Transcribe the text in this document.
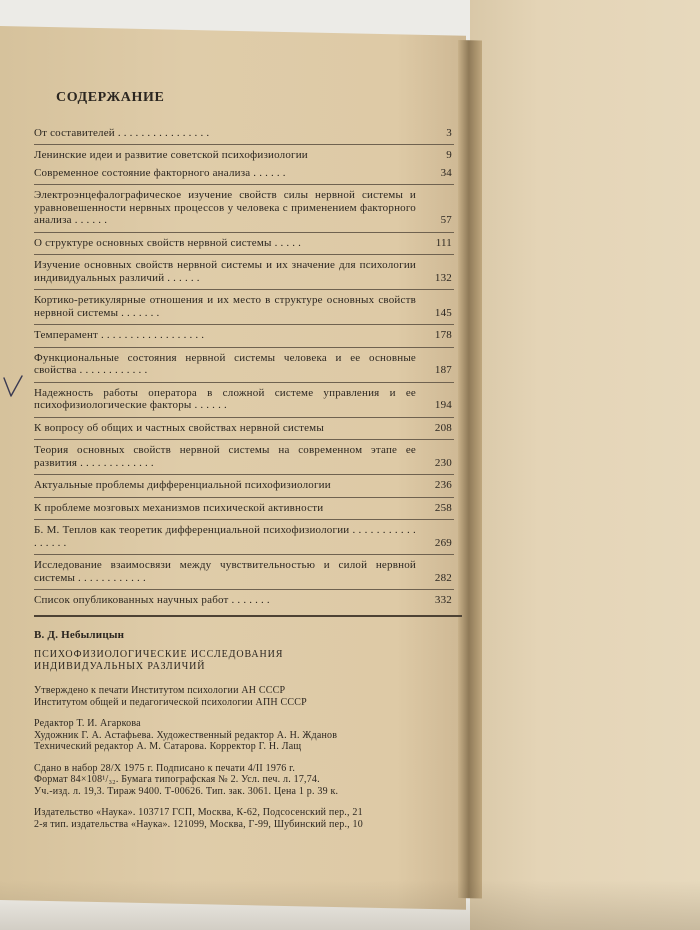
СОДЕРЖАНИЕ
От составителей . . . . . . . . . . . . . . . .	3
Ленинские идеи и развитие советской психофизиологии	9
Современное состояние факторного анализа . . . . . .	34
Электроэнцефалографическое изучение свойств силы нервной системы и уравновешенности нервных процессов у человека с применением факторного анализа . . . . . .	57
О структуре основных свойств нервной системы . . . . .	111
Изучение основных свойств нервной системы и их значение для психологии индивидуальных различий . . . . . .	132
Кортико-ретикулярные отношения и их место в структуре основных свойств нервной системы . . . . . . .	145
Темперамент . . . . . . . . . . . . . . . . . .	178
Функциональные состояния нервной системы человека и ее основные свойства . . . . . . . . . . . .	187
Надежность работы оператора в сложной системе управления и ее психофизиологические факторы . . . . . .	194
К вопросу об общих и частных свойствах нервной системы	208
Теория основных свойств нервной системы на современном этапе ее развития . . . . . . . . . . . . .	230
Актуальные проблемы дифференциальной психофизиологии	236
К проблеме мозговых механизмов психической активности	258
Б. М. Теплов как теоретик дифференциальной психофизиологии . . . . . . . . . . . . . . . . .	269
Исследование взаимосвязи между чувствительностью и силой нервной системы . . . . . . . . . . . .	282
Список опубликованных научных работ . . . . . . .	332
В. Д. Небылицын
ПСИХОФИЗИОЛОГИЧЕСКИЕ ИССЛЕДОВАНИЯ
ИНДИВИДУАЛЬНЫХ РАЗЛИЧИЙ
Утверждено к печати Институтом психологии АН СССР
Институтом общей и педагогической психологии АПН СССР
Редактор Т. И. Агаркова
Художник Г. А. Астафьева. Художественный редактор А. Н. Жданов
Технический редактор А. М. Сатарова. Корректор Г. Н. Лащ
Сдано в набор 28/X 1975 г. Подписано к печати 4/II 1976 г.
Формат 84×108¹/₃₂. Бумага типографская № 2. Усл. печ. л. 17,74.
Уч.-изд. л. 19,3. Тираж 9400. Т-00626. Тип. зак. 3061. Цена 1 р. 39 к.
Издательство «Наука». 103717 ГСП, Москва, К-62, Подсосенский пер., 21
2-я тип. издательства «Наука». 121099, Москва, Г-99, Шубинский пер., 10
